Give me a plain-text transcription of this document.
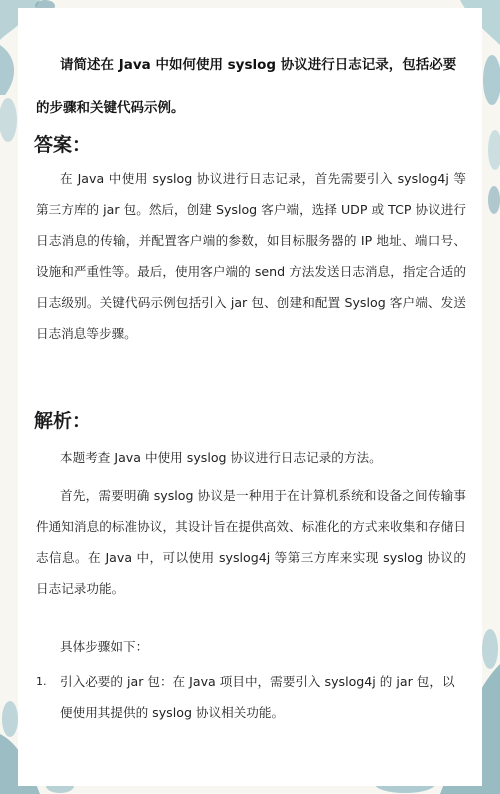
请简述在 Java 中如何使用 syslog 协议进行日志记录，包括必要的步骤和关键代码示例。
答案：
在 Java 中使用 syslog 协议进行日志记录，首先需要引入 syslog4j 等第三方库的 jar 包。然后，创建 Syslog 客户端，选择 UDP 或 TCP 协议进行日志消息的传输，并配置客户端的参数，如目标服务器的 IP 地址、端口号、设施和严重性等。最后，使用客户端的 send 方法发送日志消息，指定合适的日志级别。关键代码示例包括引入 jar 包、创建和配置 Syslog 客户端、发送日志消息等步骤。
解析：
本题考查 Java 中使用 syslog 协议进行日志记录的方法。
首先，需要明确 syslog 协议是一种用于在计算机系统和设备之间传输事件通知消息的标准协议，其设计旨在提供高效、标准化的方式来收集和存储日志信息。在 Java 中，可以使用 syslog4j 等第三方库来实现 syslog 协议的日志记录功能。
具体步骤如下：
1.	引入必要的 jar 包：在 Java 项目中，需要引入 syslog4j 的 jar 包，以便使用其提供的 syslog 协议相关功能。
